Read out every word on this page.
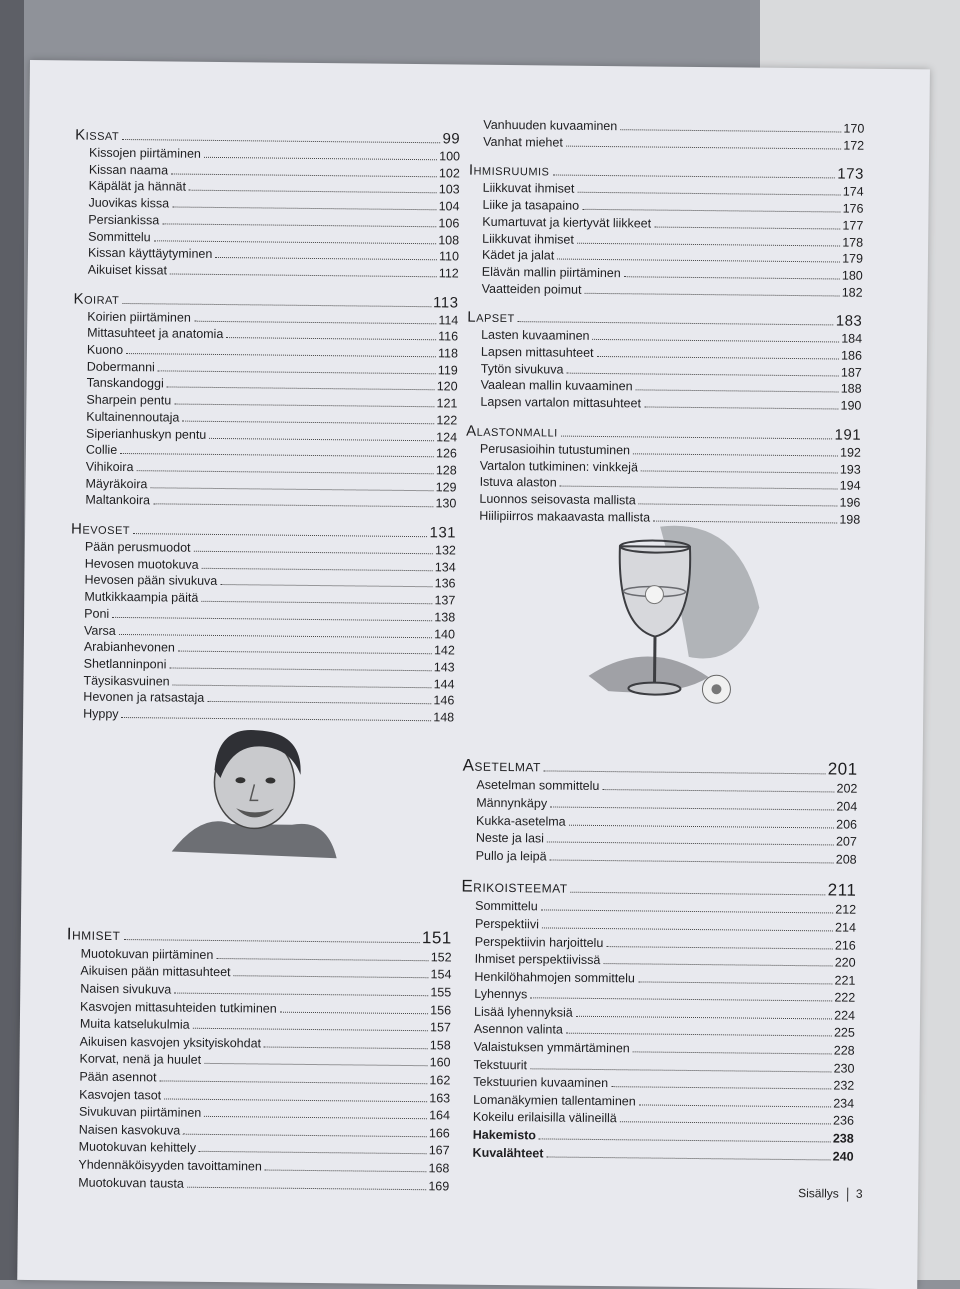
Kissat	99
Kissojen piirtäminen	100
Kissan naama	102
Käpälät ja hännät	103
Juovikas kissa	104
Persiankissa	106
Sommittelu	108
Kissan käyttäytyminen	110
Aikuiset kissat	112
Koirat	113
Koirien piirtäminen	114
Mittasuhteet ja anatomia	116
Kuono	118
Dobermanni	119
Tanskandoggi	120
Sharpein pentu	121
Kultainennoutaja	122
Siperianhuskyn pentu	124
Collie	126
Vihikoira	128
Mäyräkoira	129
Maltankoira	130
Hevoset	131
Pään perusmuodot	132
Hevosen muotokuva	134
Hevosen pään sivukuva	136
Mutkikkaampia päitä	137
Poni	138
Varsa	140
Arabianhevonen	142
Shetlanninponi	143
Täysikasvuinen	144
Hevonen ja ratsastaja	146
Hyppy	148
Ihmiset	151
Muotokuvan piirtäminen	152
Aikuisen pään mittasuhteet	154
Naisen sivukuva	155
Kasvojen mittasuhteiden tutkiminen	156
Muita katselukulmia	157
Aikuisen kasvojen yksityiskohdat	158
Korvat, nenä ja huulet	160
Pään asennot	162
Kasvojen tasot	163
Sivukuvan piirtäminen	164
Naisen kasvokuva	166
Muotokuvan kehittely	167
Yhdennäköisyyden tavoittaminen	168
Muotokuvan tausta	169
Vanhuuden kuvaaminen	170
Vanhat miehet	172
Ihmisruumis	173
Liikkuvat ihmiset	174
Liike ja tasapaino	176
Kumartuvat ja kiertyvät liikkeet	177
Liikkuvat ihmiset	178
Kädet ja jalat	179
Elävän mallin piirtäminen	180
Vaatteiden poimut	182
Lapset	183
Lasten kuvaaminen	184
Lapsen mittasuhteet	186
Tytön sivukuva	187
Vaalean mallin kuvaaminen	188
Lapsen vartalon mittasuhteet	190
Alastonmalli	191
Perusasioihin tutustuminen	192
Vartalon tutkiminen: vinkkejä	193
Istuva alaston	194
Luonnos seisovasta mallista	196
Hiilipiirros makaavasta mallista	198
Asetelmat	201
Asetelman sommittelu	202
Männynkäpy	204
Kukka-asetelma	206
Neste ja lasi	207
Pullo ja leipä	208
Erikoisteemat	211
Sommittelu	212
Perspektiivi	214
Perspektiivin harjoittelu	216
Ihmiset perspektiivissä	220
Henkilöhahmojen sommittelu	221
Lyhennys	222
Lisää lyhennyksiä	224
Asennon valinta	225
Valaistuksen ymmärtäminen	228
Tekstuurit	230
Tekstuurien kuvaaminen	232
Lomanäkymien tallentaminen	234
Kokeilu erilaisilla välineillä	236
Hakemisto	238
Kuvalähteet	240
Sisällys 3
